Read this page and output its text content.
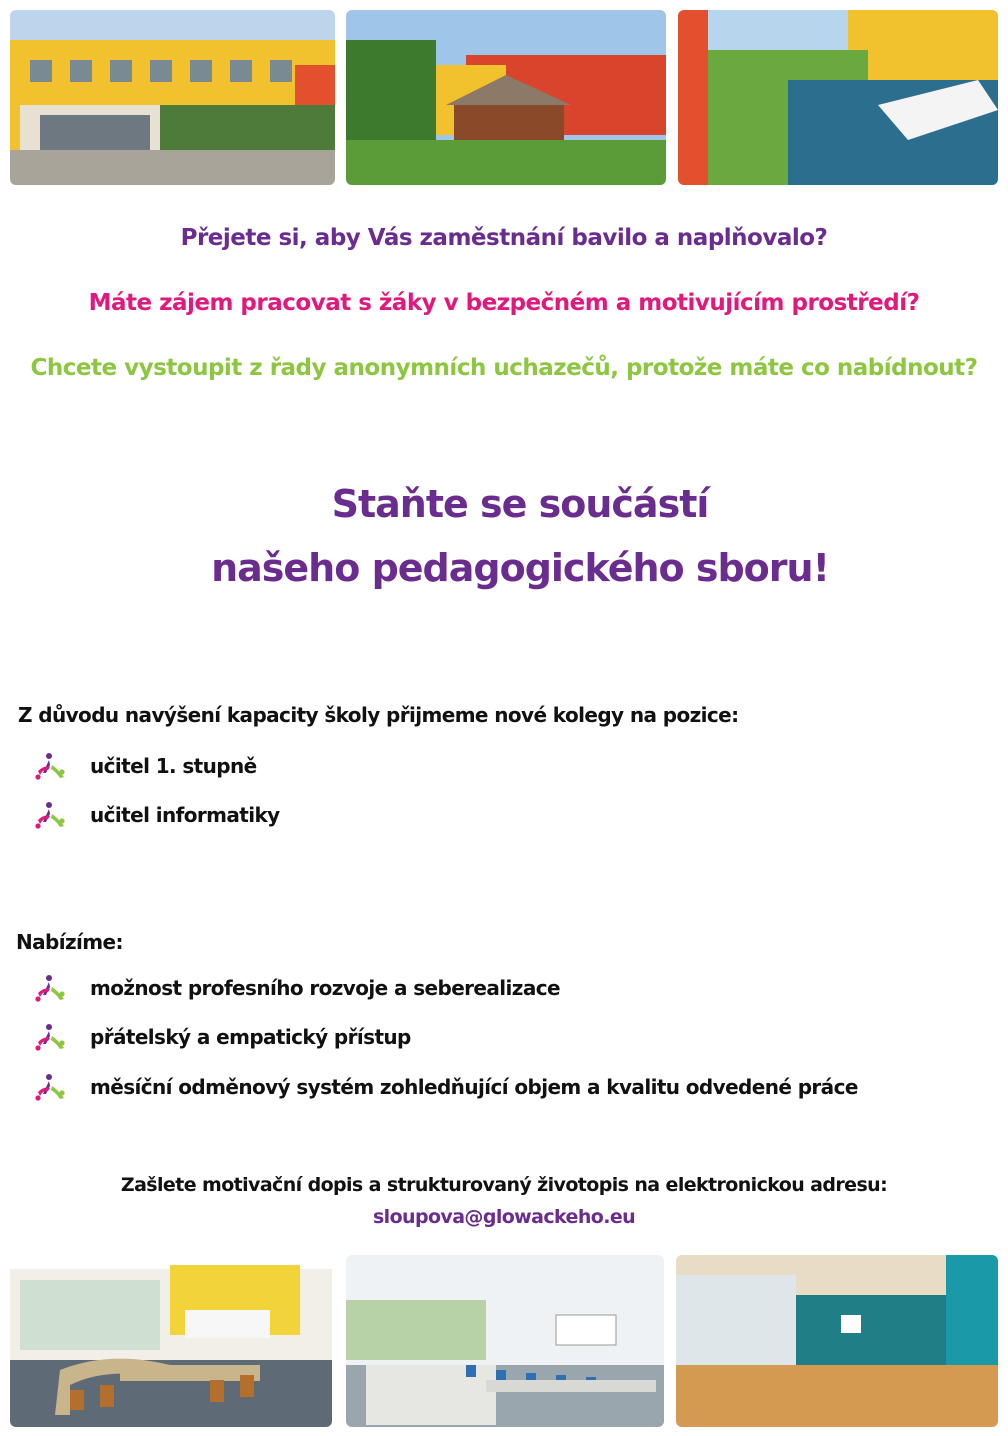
Přejete si, aby Vás zaměstnání bavilo a naplňovalo?
Máte zájem pracovat s žáky v bezpečném a motivujícím prostředí?
Chcete vystoupit z řady anonymních uchazečů, protože máte co nabídnout?
Staňte se součástí
našeho pedagogického sboru!
Z důvodu navýšení kapacity školy přijmeme nové kolegy na pozice:
učitel 1. stupně
učitel informatiky
Nabízíme:
možnost profesního rozvoje a seberealizace
přátelský a empatický přístup
měsíční odměnový systém zohledňující objem a kvalitu odvedené práce
Zašlete motivační dopis a strukturovaný životopis na elektronickou adresu:
sloupova@glowackeho.eu
